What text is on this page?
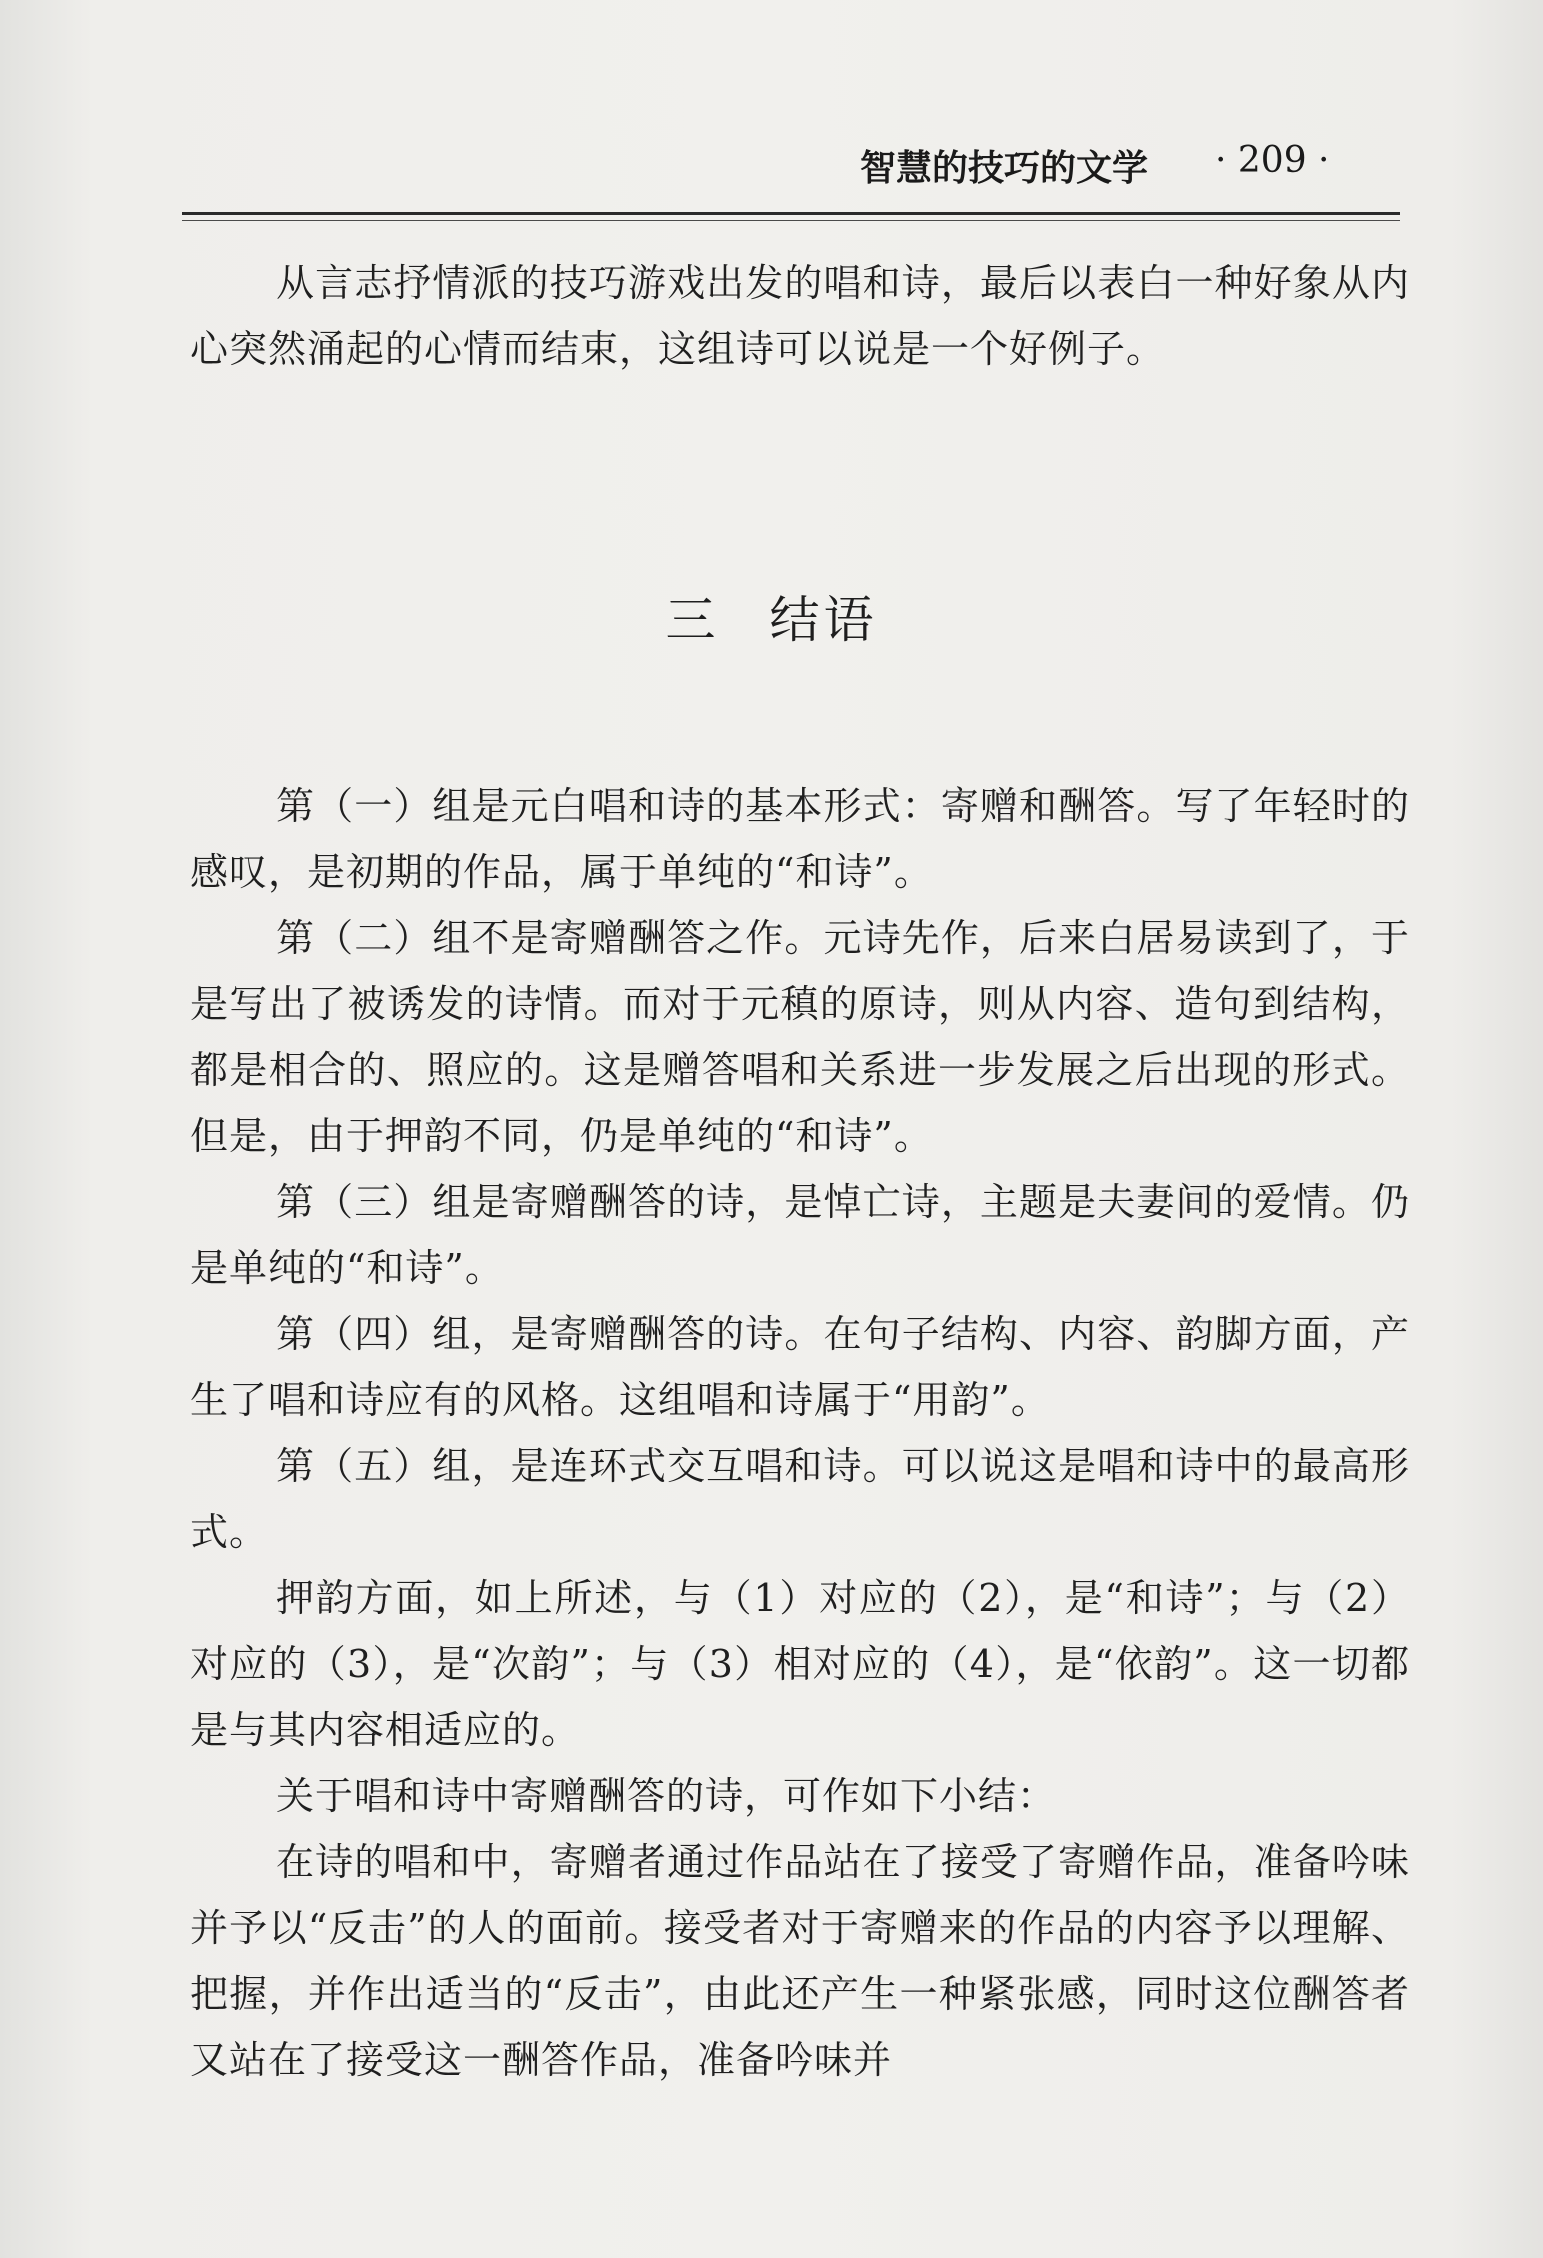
智慧的技巧的文学 · 209 ·

从言志抒情派的技巧游戏出发的唱和诗，最后以表白一种好象从内心突然涌起的心情而结束，这组诗可以说是一个好例子。

三 结语

第（一）组是元白唱和诗的基本形式：寄赠和酬答。写了年轻时的感叹，是初期的作品，属于单纯的“和诗”。

第（二）组不是寄赠酬答之作。元诗先作，后来白居易读到了，于是写出了被诱发的诗情。而对于元稹的原诗，则从内容、造句到结构，都是相合的、照应的。这是赠答唱和关系进一步发展之后出现的形式。但是，由于押韵不同，仍是单纯的“和诗”。

第（三）组是寄赠酬答的诗，是悼亡诗，主题是夫妻间的爱情。仍是单纯的“和诗”。

第（四）组，是寄赠酬答的诗。在句子结构、内容、韵脚方面，产生了唱和诗应有的风格。这组唱和诗属于“用韵”。

第（五）组，是连环式交互唱和诗。可以说这是唱和诗中的最高形式。

押韵方面，如上所述，与（1）对应的（2），是“和诗”；与（2）对应的（3），是“次韵”；与（3）相对应的（4），是“依韵”。这一切都是与其内容相适应的。

关于唱和诗中寄赠酬答的诗，可作如下小结：

在诗的唱和中，寄赠者通过作品站在了接受了寄赠作品，准备吟味并予以“反击”的人的面前。接受者对于寄赠来的作品的内容予以理解、把握，并作出适当的“反击”，由此还产生一种紧张感，同时这位酬答者又站在了接受这一酬答作品，准备吟味并
